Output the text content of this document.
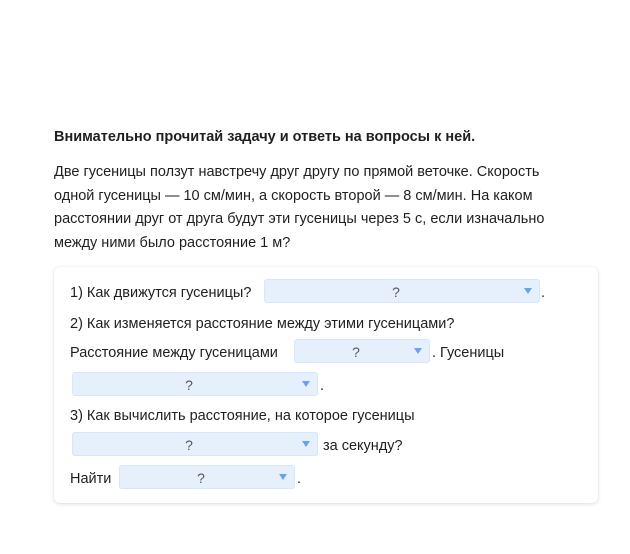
Внимательно прочитай задачу и ответь на вопросы к ней.
Две гусеницы ползут навстречу друг другу по прямой веточке. Скорость
одной гусеницы — 10 см/мин, а скорость второй — 8 см/мин. На каком
расстоянии друг от друга будут эти гусеницы через 5 с, если изначально
между ними было расстояние 1 м?
1) Как движутся гусеницы?	?	.
2) Как изменяется расстояние между этими гусеницами?
Расстояние между гусеницами	?	. Гусеницы
?	.
3) Как вычислить расстояние, на которое гусеницы
?	за секунду?
Найти	?	.
